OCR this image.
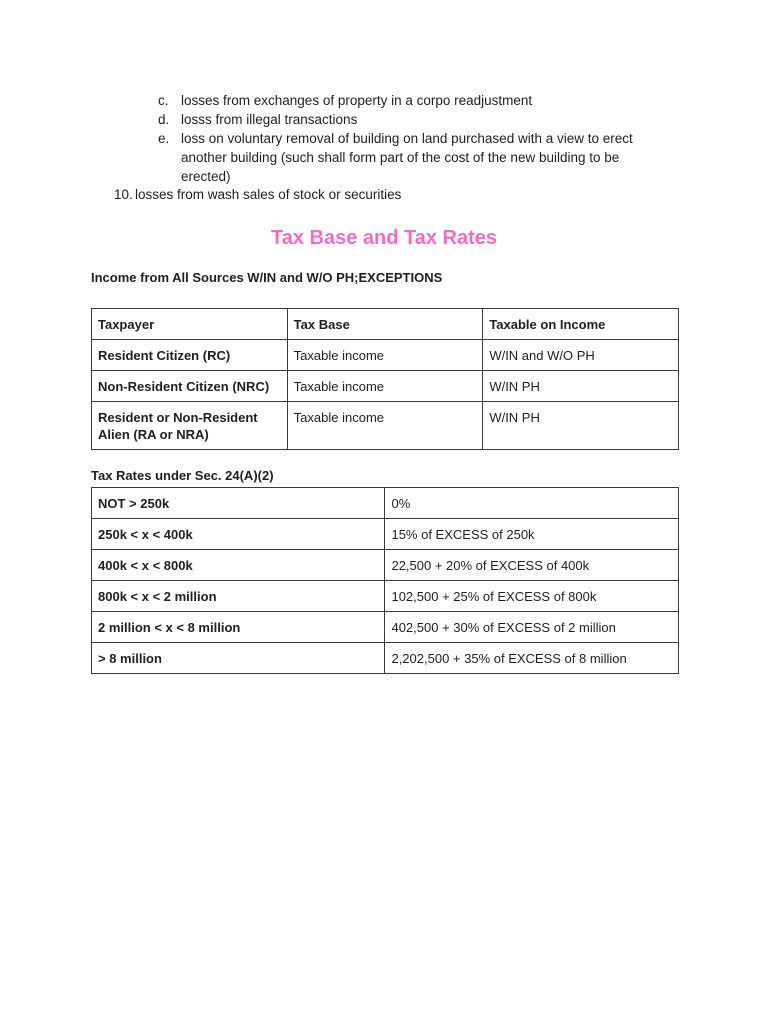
c. losses from exchanges of property in a corpo readjustment
d. losss from illegal transactions
e. loss on voluntary removal of building on land purchased with a view to erect another building (such shall form part of the cost of the new building to be erected)
10. losses from wash sales of stock or securities
Tax Base and Tax Rates
Income from All Sources W/IN and W/O PH;EXCEPTIONS
Taxpayer	Tax Base	Taxable on Income
Resident Citizen (RC)	Taxable income	W/IN and W/O PH
Non-Resident Citizen (NRC)	Taxable income	W/IN PH
Resident or Non-Resident Alien (RA or NRA)	Taxable income	W/IN PH
Tax Rates under Sec. 24(A)(2)
NOT > 250k	0%
250k < x < 400k	15% of EXCESS of 250k
400k < x < 800k	22,500 + 20% of EXCESS of 400k
800k < x < 2 million	102,500 + 25% of EXCESS of 800k
2 million < x < 8 million	402,500 + 30% of EXCESS of 2 million
> 8 million	2,202,500 + 35% of EXCESS of 8 million
